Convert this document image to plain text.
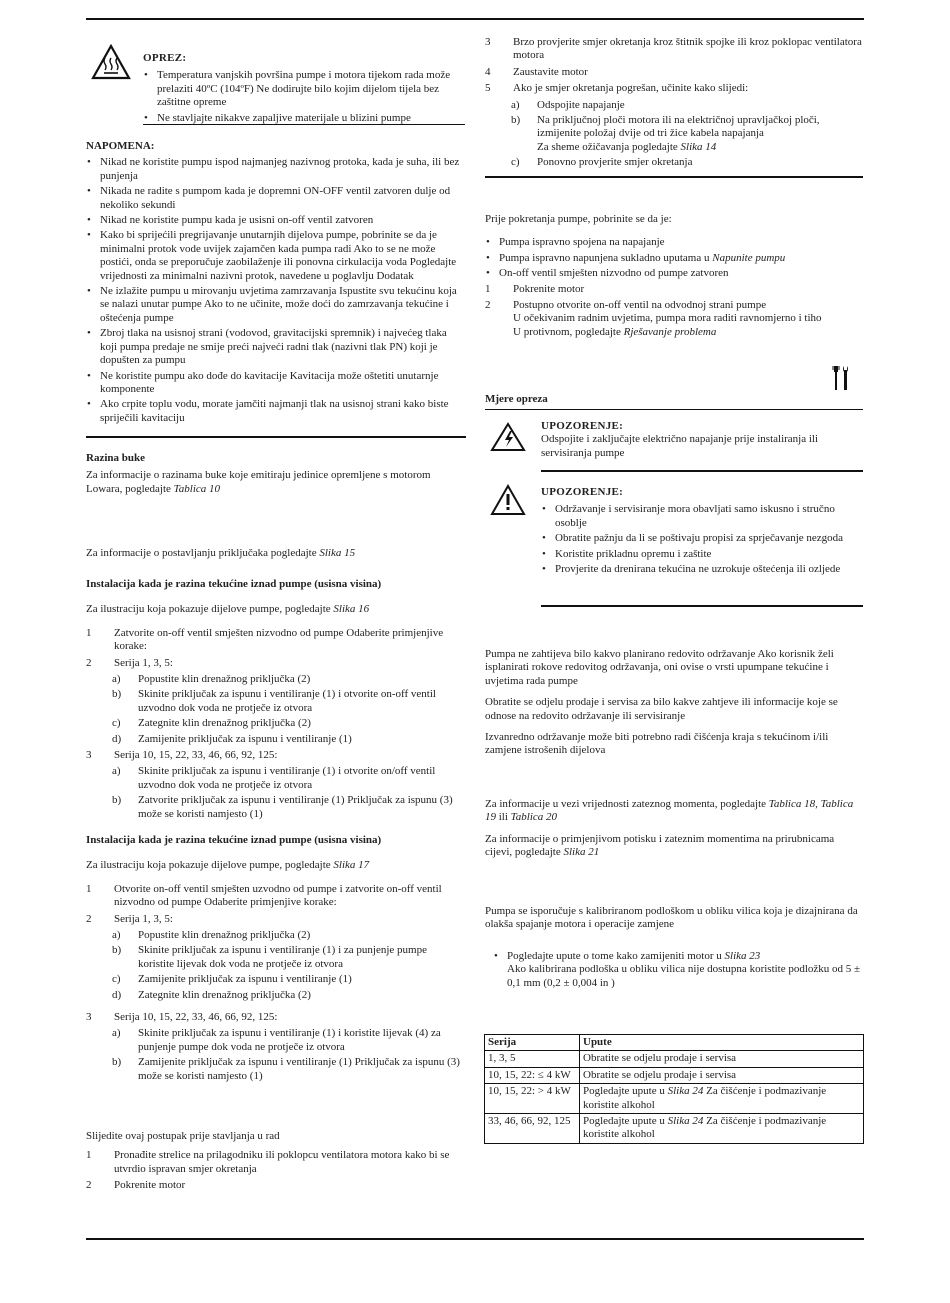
OPREZ:

• Temperatura vanjskih površina pumpe i motora tijekom rada može prelaziti 40ºC (104ºF) Ne dodirujte bilo kojim dijelom tijela bez zaštitne opreme
• Ne stavljajte nikakve zapaljive materijale u blizini pumpe

NAPOMENA:

• Nikad ne koristite pumpu ispod najmanjeg nazivnog protoka, kada je suha, ili bez punjenja
• Nikada ne radite s pumpom kada je dopremni ON-OFF ventil zatvoren dulje od nekoliko sekundi
• Nikad ne koristite pumpu kada je usisni on-off ventil zatvoren
• Kako bi sprijećili pregrijavanje unutarnjih dijelova pumpe, pobrinite se da je minimalni protok vode uvijek zajamčen kada pumpa radi Ako to se ne može postići, onda se preporučuje zaobilaženje ili ponovna cirkulacija voda Pogledajte vrijednosti za minimalni nazivni protok, navedene u poglavlju Dodatak
• Ne izlažite pumpu u mirovanju uvjetima zamrzavanja Ispustite svu tekućinu koja se nalazi unutar pumpe Ako to ne učinite, može doći do zamrzavanja tekućine i oštećenja pumpe
• Zbroj tlaka na usisnoj strani (vodovod, gravitacijski spremnik) i najvećeg tlaka koji pumpa predaje ne smije preći najveći radni tlak (nazivni tlak PN) koji je dopušten za pumpu
• Ne koristite pumpu ako dođe do kavitacije Kavitacija može oštetiti unutarnje komponente
• Ako crpite toplu vodu, morate jamčiti najmanji tlak na usisnoj strani kako biste spriječili kavitaciju

Razina buke

Za informacije o razinama buke koje emitiraju jedinice opremljene s motorom Lowara, pogledajte Tablica 10

Za informacije o postavljanju priključaka pogledajte Slika 15

Instalacija kada je razina tekućine iznad pumpe (usisna visina)

Za ilustraciju koja pokazuje dijelove pumpe, pogledajte Slika 16

1 Zatvorite on-off ventil smješten nizvodno od pumpe Odaberite primjenjive korake:
2 Serija 1, 3, 5:
a) Popustite klin drenažnog priključka (2)
b) Skinite priključak za ispunu i ventiliranje (1) i otvorite on-off ventil uzvodno dok voda ne protječe iz otvora
c) Zategnite klin drenažnog priključka (2)
d) Zamijenite priključak za ispunu i ventiliranje (1)
3 Serija 10, 15, 22, 33, 46, 66, 92, 125:
a) Skinite priključak za ispunu i ventiliranje (1) i otvorite on/off ventil uzvodno dok voda ne protječe iz otvora
b) Zatvorite priključak za ispunu i ventiliranje (1) Priključak za ispunu (3) može se koristi namjesto (1)

Instalacija kada je razina tekućine iznad pumpe (usisna visina)

Za ilustraciju koja pokazuje dijelove pumpe, pogledajte Slika 17

1 Otvorite on-off ventil smješten uzvodno od pumpe i zatvorite on-off ventil nizvodno od pumpe Odaberite primjenjive korake:
2 Serija 1, 3, 5:
a) Popustite klin drenažnog priključka (2)
b) Skinite priključak za ispunu i ventiliranje (1) i za punjenje pumpe koristite lijevak dok voda ne protječe iz otvora
c) Zamijenite priključak za ispunu i ventiliranje (1)
d) Zategnite klin drenažnog priključka (2)
3 Serija 10, 15, 22, 33, 46, 66, 92, 125:
a) Skinite priključak za ispunu i ventiliranje (1) i koristite lijevak (4) za punjenje pumpe dok voda ne protječe iz otvora
b) Zamijenite priključak za ispunu i ventiliranje (1) Priključak za ispunu (3) može se koristi namjesto (1)

Slijedite ovaj postupak prije stavljanja u rad

1 Pronađite strelice na prilagodniku ili poklopcu ventilatora motora kako bi se utvrdio ispravan smjer okretanja
2 Pokrenite motor
3 Brzo provjerite smjer okretanja kroz štitnik spojke ili kroz poklopac ventilatora motora
4 Zaustavite motor
5 Ako je smjer okretanja pogrešan, učinite kako slijedi:
a) Odspojite napajanje
b) Na priključnoj ploči motora ili na električnoj upravljačkoj ploči, izmijenite položaj dvije od tri žice kabela napajanja
Za sheme ožičavanja pogledajte Slika 14
c) Ponovno provjerite smjer okretanja

Prije pokretanja pumpe, pobrinite se da je:

• Pumpa ispravno spojena na napajanje
• Pumpa ispravno napunjena sukladno uputama u Napunite pumpu
• On-off ventil smješten nizvodno od pumpe zatvoren
1 Pokrenite motor
2 Postupno otvorite on-off ventil na odvodnoj strani pumpe
U očekivanim radnim uvjetima, pumpa mora raditi ravnomjerno i tiho
U protivnom, pogledajte Rješavanje problema

Mjere opreza

UPOZORENJE:

Odspojite i zaključajte električno napajanje prije instaliranja ili servisiranja pumpe

UPOZORENJE:

• Održavanje i servisiranje mora obavljati samo iskusno i stručno osoblje
• Obratite pažnju da li se poštivaju propisi za sprječavanje nezgoda
• Koristite prikladnu opremu i zaštite
• Provjerite da drenirana tekućina ne uzrokuje oštećenja ili ozljede

Pumpa ne zahtijeva bilo kakvo planirano redovito održavanje Ako korisnik želi isplanirati rokove redovitog održavanja, oni ovise o vrsti upumpane tekućine i uvjetima rada pumpe

Obratite se odjelu prodaje i servisa za bilo kakve zahtjeve ili informacije koje se odnose na redovito održavanje ili servisiranje

Izvanredno održavanje može biti potrebno radi čišćenja kraja s tekućinom i/ili zamjene istrošenih dijelova

Za informacije u vezi vrijednosti zateznog momenta, pogledajte Tablica 18, Tablica 19 ili Tablica 20

Za informacije o primjenjivom potisku i zateznim momentima na prirubnicama cijevi, pogledajte Slika 21

Pumpa se isporučuje s kalibriranom podloškom u obliku vilica koja je dizajnirana da olakša spajanje motora i operacije zamjene

• Pogledajte upute o tome kako zamijeniti motor u Slika 23
Ako kalibrirana podloška u obliku vilica nije dostupna koristite podložku od 5 ± 0,1 mm (0,2 ± 0,004 in )
Serija	Upute
1, 3, 5	Obratite se odjelu prodaje i servisa
10, 15, 22: ≤ 4 kW	Obratite se odjelu prodaje i servisa
10, 15, 22: > 4 kW	Pogledajte upute u Slika 24 Za čišćenje i podmazivanje koristite alkohol
33, 46, 66, 92, 125	Pogledajte upute u Slika 24 Za čišćenje i podmazivanje koristite alkohol
